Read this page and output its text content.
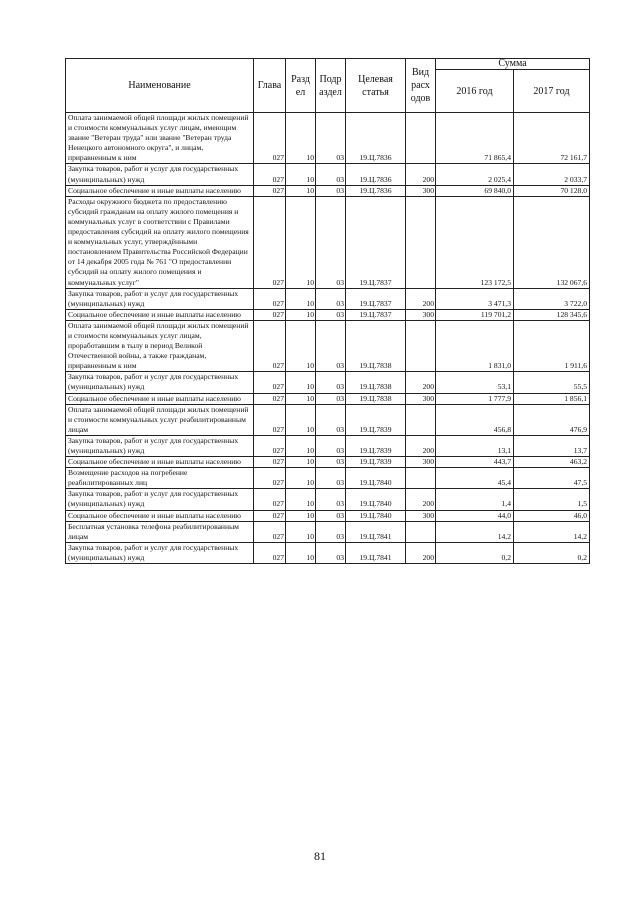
Наименование	Глава	Разд ел	Подр аздел	Целевая статья	Вид расх одов	Сумма	
						2016 год	2017 год
Оплата занимаемой общей площади жилых помещений и стоимости коммунальных услуг лицам, имеющим звание "Ветеран труда" или звание "Ветеран труда Ненецкого автономного округа", и лицам, приравненным к ним	027	10	03	19.Ц.7836		71 865,4	72 161,7
Закупка товаров, работ и услуг для государственных (муниципальных) нужд	027	10	03	19.Ц.7836	200	2 025,4	2 033,7
Социальное обеспечение и иные выплаты населению	027	10	03	19.Ц.7836	300	69 840,0	70 128,0
Расходы окружного бюджета по предоставлению субсидий гражданам на оплату жилого помещения и коммунальных услуг в соответствии с Правилами предоставления субсидий на оплату жилого помещения и коммунальных услуг, утверждёнными постановлением Правительства Российской Федерации от 14 декабря 2005 года № 761 "О предоставлении субсидий на оплату жилого помещения и коммунальных услуг"	027	10	03	19.Ц.7837		123 172,5	132 067,6
Закупка товаров, работ и услуг для государственных (муниципальных) нужд	027	10	03	19.Ц.7837	200	3 471,3	3 722,0
Социальное обеспечение и иные выплаты населению	027	10	03	19.Ц.7837	300	119 701,2	128 345,6
Оплата занимаемой общей площади жилых помещений и стоимости коммунальных услуг лицам, проработавшим в тылу в период Великой Отечественной войны, а также гражданам, приравненным к ним	027	10	03	19.Ц.7838		1 831,0	1 911,6
Закупка товаров, работ и услуг для государственных (муниципальных) нужд	027	10	03	19.Ц.7838	200	53,1	55,5
Социальное обеспечение и иные выплаты населению	027	10	03	19.Ц.7838	300	1 777,9	1 856,1
Оплата занимаемой общей площади жилых помещений и стоимости коммунальных услуг реабилитированным лицам	027	10	03	19.Ц.7839		456,8	476,9
Закупка товаров, работ и услуг для государственных (муниципальных) нужд	027	10	03	19.Ц.7839	200	13,1	13,7
Социальное обеспечение и иные выплаты населению	027	10	03	19.Ц.7839	300	443,7	463,2
Возмещение расходов на погребение реабилитированных лиц	027	10	03	19.Ц.7840		45,4	47,5
Закупка товаров, работ и услуг для государственных (муниципальных) нужд	027	10	03	19.Ц.7840	200	1,4	1,5
Социальное обеспечение и иные выплаты населению	027	10	03	19.Ц.7840	300	44,0	46,0
Бесплатная установка телефона реабилитированным лицам	027	10	03	19.Ц.7841		14,2	14,2
Закупка товаров, работ и услуг для государственных (муниципальных) нужд	027	10	03	19.Ц.7841	200	0,2	0,2
81
